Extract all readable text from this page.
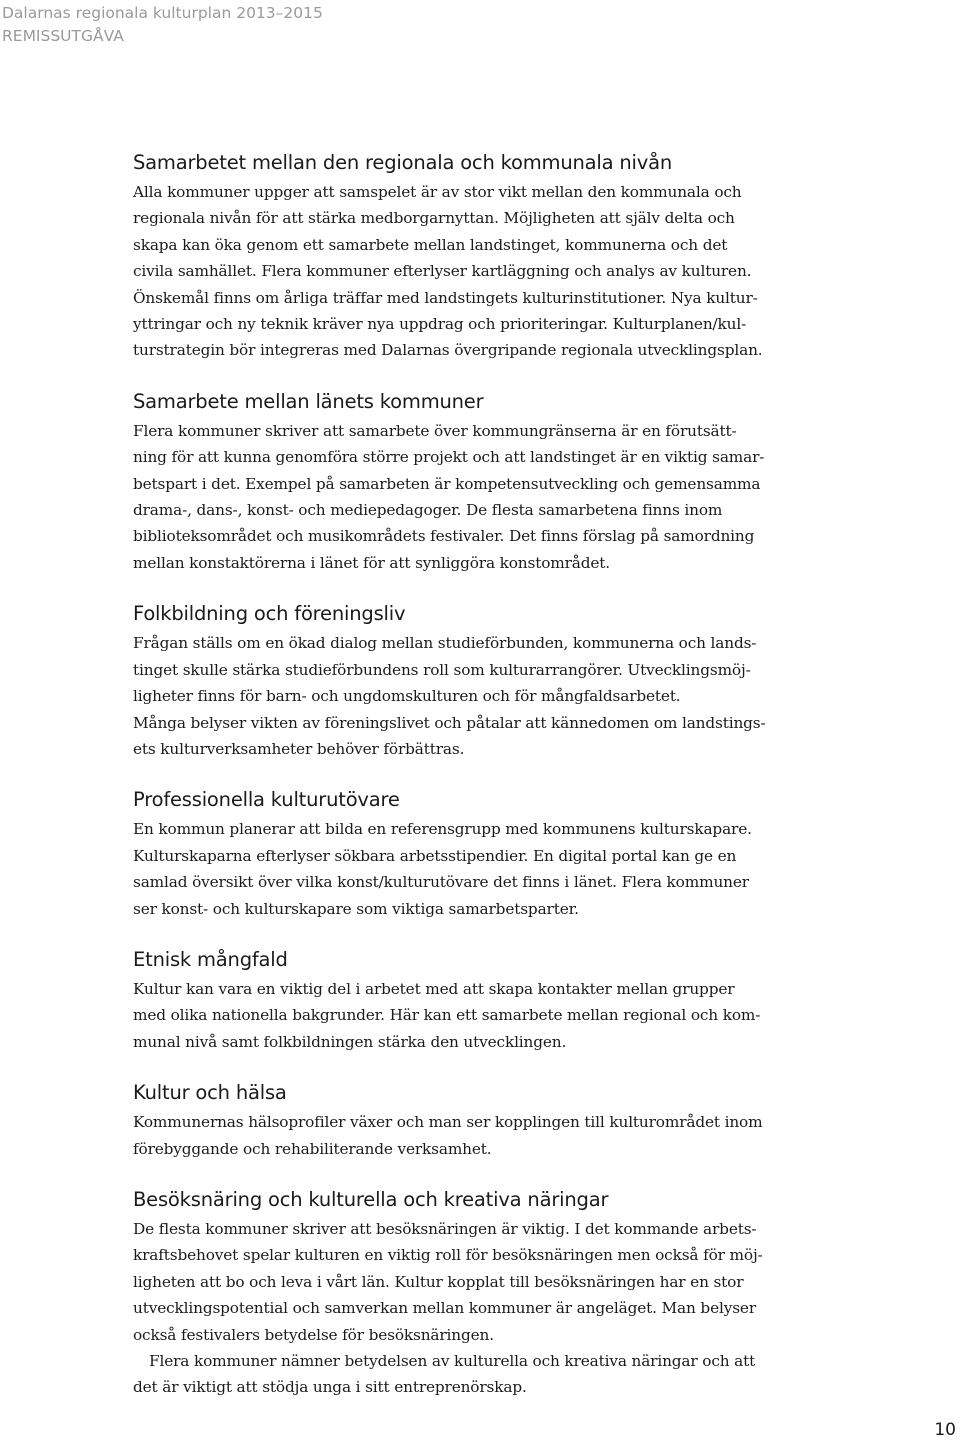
Dalarnas regionala kulturplan 2013–2015
REMISSUTGÅVA
Samarbetet mellan den regionala och kommunala nivån
Alla kommuner uppger att samspelet är av stor vikt mellan den kommunala och
regionala nivån för att stärka medborgarnyttan. Möjligheten att själv delta och
skapa kan öka genom ett samarbete mellan landstinget, kommunerna och det
civila samhället. Flera kommuner efterlyser kartläggning och analys av kulturen.
Önskemål finns om årliga träffar med landstingets kulturinstitutioner. Nya kultur-
yttringar och ny teknik kräver nya uppdrag och prioriteringar. Kulturplanen/kul-
turstrategin bör integreras med Dalarnas övergripande regionala utvecklingsplan.
Samarbete mellan länets kommuner
Flera kommuner skriver att samarbete över kommungränserna är en förutsätt-
ning för att kunna genomföra större projekt och att landstinget är en viktig samar-
betspart i det. Exempel på samarbeten är kompetensutveckling och gemensamma
drama-, dans-, konst- och mediepedagoger. De flesta samarbetena finns inom
biblioteksområdet och musikområdets festivaler. Det finns förslag på samordning
mellan konstaktörerna i länet för att synliggöra konstområdet.
Folkbildning och föreningsliv
Frågan ställs om en ökad dialog mellan studieförbunden, kommunerna och lands-
tinget skulle stärka studieförbundens roll som kulturarrangörer. Utvecklingsmöj-
ligheter finns för barn- och ungdomskulturen och för mångfaldsarbetet.
Många belyser vikten av föreningslivet och påtalar att kännedomen om landstings-
ets kulturverksamheter behöver förbättras.
Professionella kulturutövare
En kommun planerar att bilda en referensgrupp med kommunens kulturskapare.
Kulturskaparna efterlyser sökbara arbetsstipendier. En digital portal kan ge en
samlad översikt över vilka konst/kulturutövare det finns i länet. Flera kommuner
ser konst- och kulturskapare som viktiga samarbetsparter.
Etnisk mångfald
Kultur kan vara en viktig del i arbetet med att skapa kontakter mellan grupper
med olika nationella bakgrunder. Här kan ett samarbete mellan regional och kom-
munal nivå samt folkbildningen stärka den utvecklingen.
Kultur och hälsa
Kommunernas hälsoprofiler växer och man ser kopplingen till kulturområdet inom
förebyggande och rehabiliterande verksamhet.
Besöksnäring och kulturella och kreativa näringar
De flesta kommuner skriver att besöksnäringen är viktig. I det kommande arbets-
kraftsbehovet spelar kulturen en viktig roll för besöksnäringen men också för möj-
ligheten att bo och leva i vårt län. Kultur kopplat till besöksnäringen har en stor
utvecklingspotential och samverkan mellan kommuner är angeläget. Man belyser
också festivalers betydelse för besöksnäringen.
Flera kommuner nämner betydelsen av kulturella och kreativa näringar och att
det är viktigt att stödja unga i sitt entreprenörskap.
10
